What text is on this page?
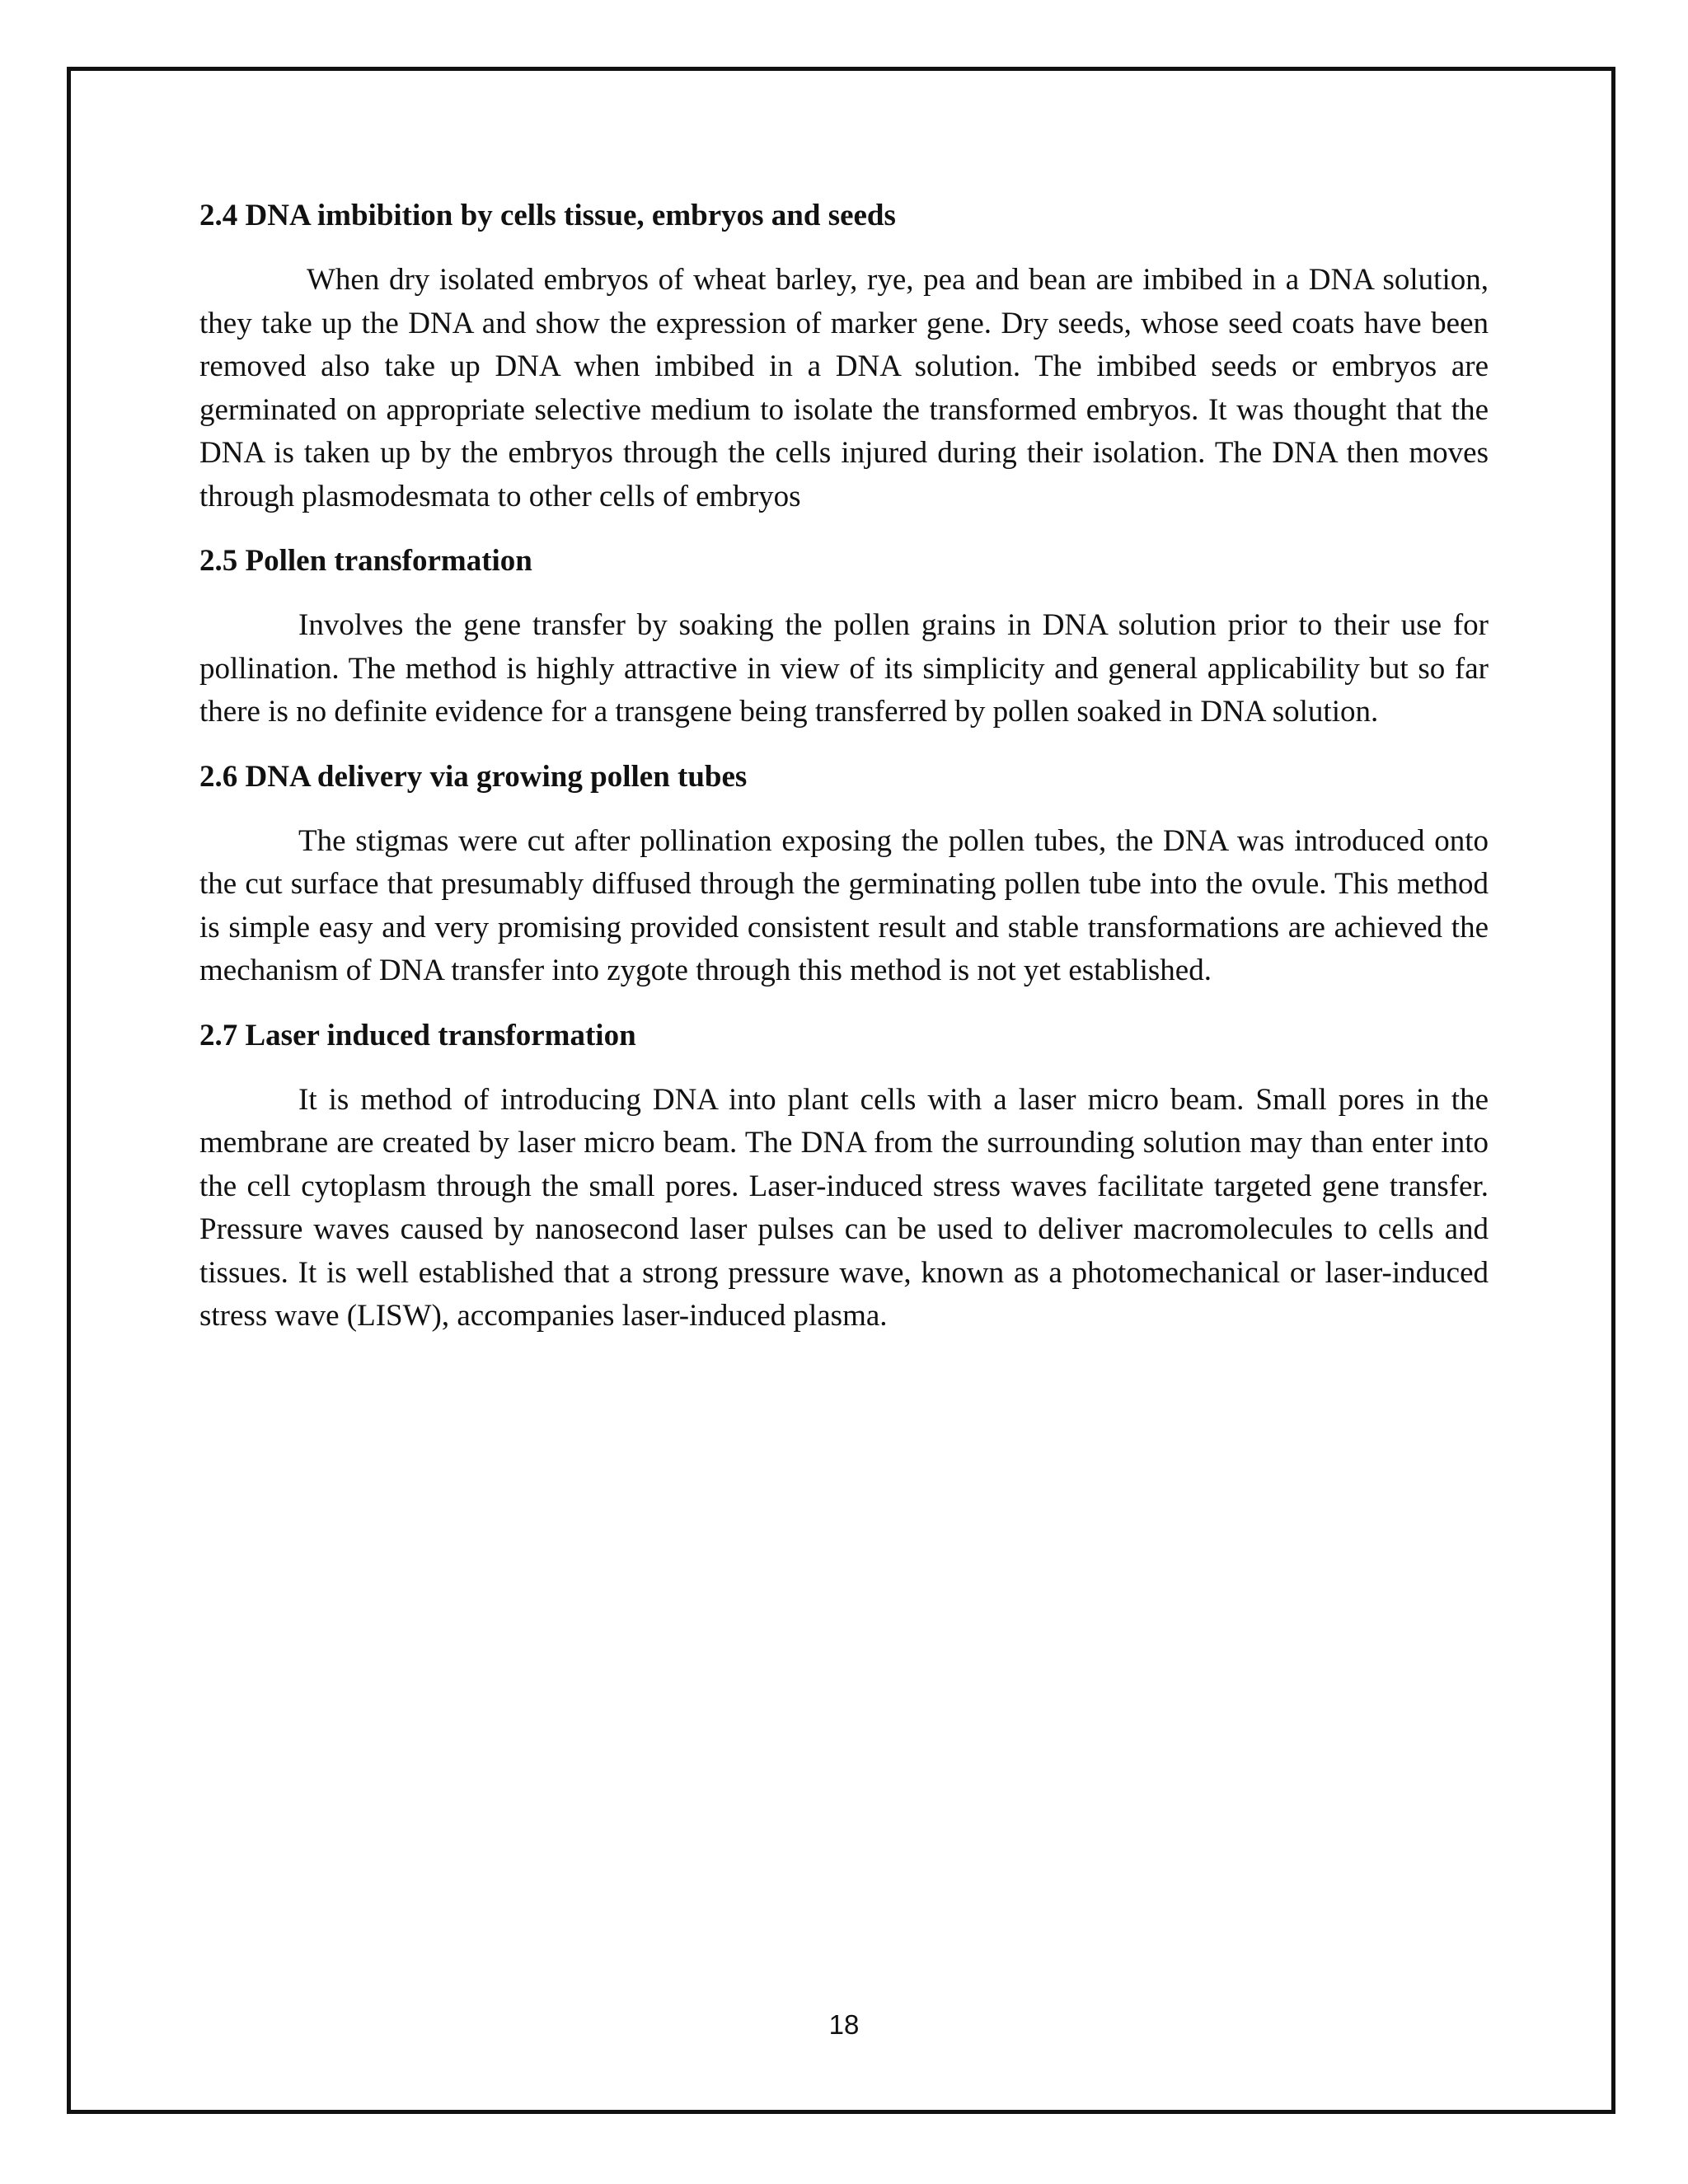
2.4 DNA imbibition by cells tissue, embryos and seeds

When dry isolated embryos of wheat barley, rye, pea and bean are imbibed in a DNA solution, they take up the DNA and show the expression of marker gene. Dry seeds, whose seed coats have been removed also take up DNA when imbibed in a DNA solution. The imbibed seeds or embryos are germinated on appropriate selective medium to isolate the transformed embryos. It was thought that the DNA is taken up by the embryos through the cells injured during their isolation. The DNA then moves through plasmodesmata to other cells of embryos

2.5 Pollen transformation

Involves the gene transfer by soaking the pollen grains in DNA solution prior to their use for pollination. The method is highly attractive in view of its simplicity and general applicability but so far there is no definite evidence for a transgene being transferred by pollen soaked in DNA solution.

2.6 DNA delivery via growing pollen tubes

The stigmas were cut after pollination exposing the pollen tubes, the DNA was introduced onto the cut surface that presumably diffused through the germinating pollen tube into the ovule. This method is simple easy and very promising provided consistent result and stable transformations are achieved the mechanism of DNA transfer into zygote through this method is not yet established.

2.7 Laser induced transformation

It is method of introducing DNA into plant cells with a laser micro beam. Small pores in the membrane are created by laser micro beam. The DNA from the surrounding solution may than enter into the cell cytoplasm through the small pores. Laser-induced stress waves facilitate targeted gene transfer. Pressure waves caused by nanosecond laser pulses can be used to deliver macromolecules to cells and tissues. It is well established that a strong pressure wave, known as a photomechanical or laser-induced stress wave (LISW), accompanies laser-induced plasma.

18
